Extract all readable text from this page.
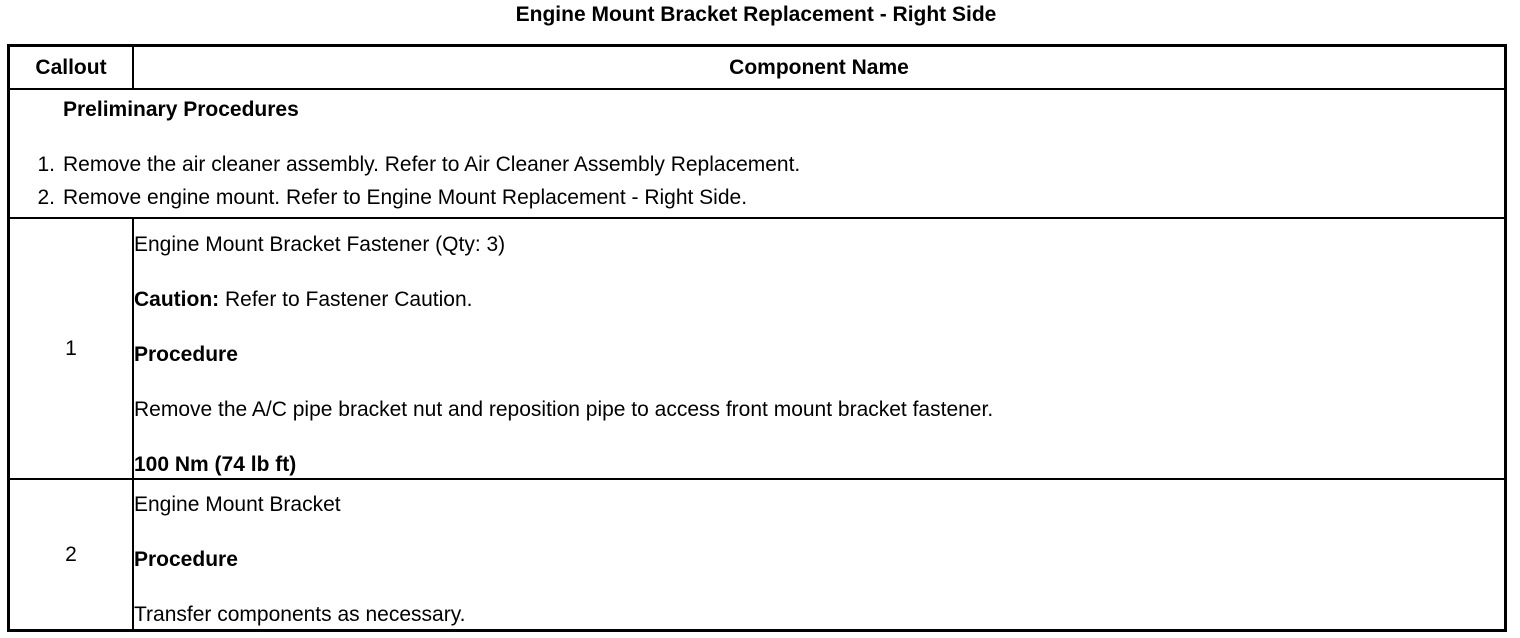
Engine Mount Bracket Replacement - Right Side
Callout	Component Name

Preliminary Procedures
1. Remove the air cleaner assembly. Refer to Air Cleaner Assembly Replacement.
2. Remove engine mount. Refer to Engine Mount Replacement - Right Side.	

1	Engine Mount Bracket Fastener (Qty: 3)
Caution: Refer to Fastener Caution.
Procedure
Remove the A/C pipe bracket nut and reposition pipe to access front mount bracket fastener.
100 Nm (74 lb ft)

2	Engine Mount Bracket
Procedure
Transfer components as necessary.
